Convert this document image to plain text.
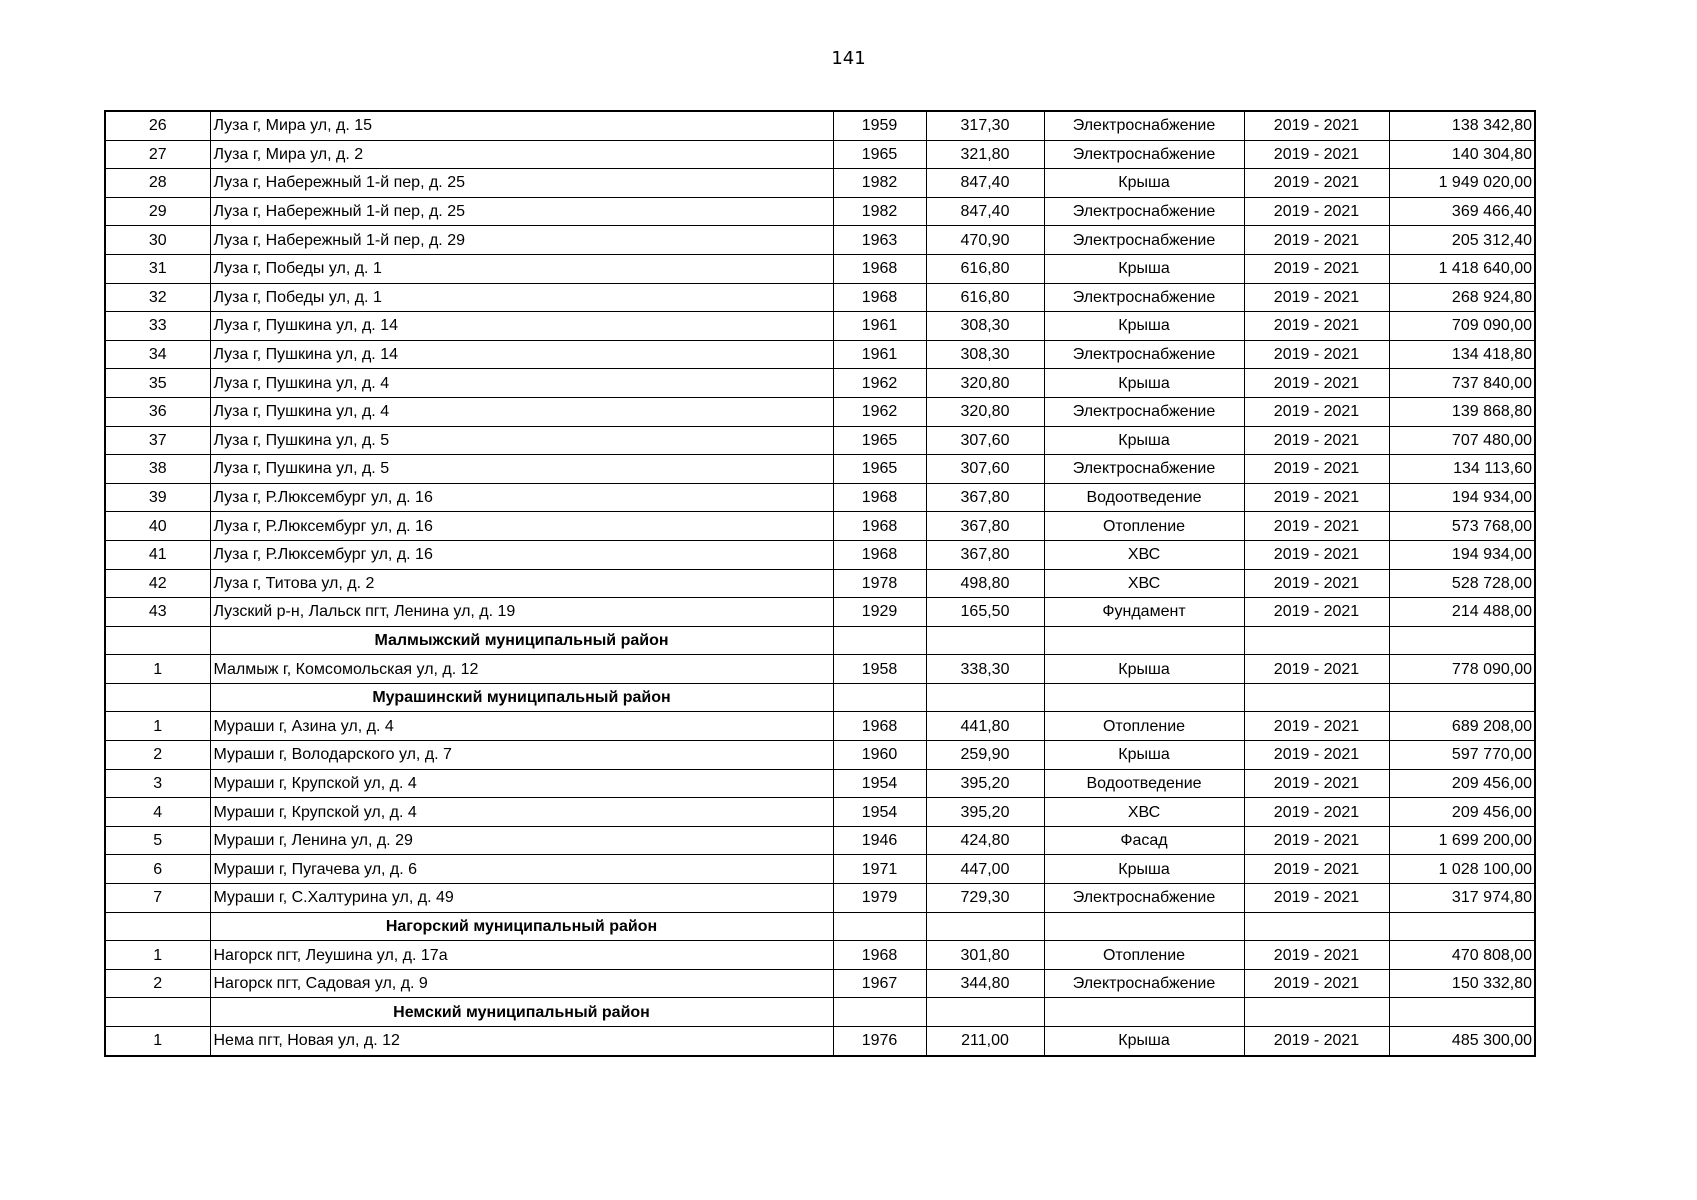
141
26	Луза г, Мира ул, д. 15	1959	317,30	Электроснабжение	2019 - 2021	138 342,80
27	Луза г, Мира ул, д. 2	1965	321,80	Электроснабжение	2019 - 2021	140 304,80
28	Луза г, Набережный 1-й пер, д. 25	1982	847,40	Крыша	2019 - 2021	1 949 020,00
29	Луза г, Набережный 1-й пер, д. 25	1982	847,40	Электроснабжение	2019 - 2021	369 466,40
30	Луза г, Набережный 1-й пер, д. 29	1963	470,90	Электроснабжение	2019 - 2021	205 312,40
31	Луза г, Победы ул, д. 1	1968	616,80	Крыша	2019 - 2021	1 418 640,00
32	Луза г, Победы ул, д. 1	1968	616,80	Электроснабжение	2019 - 2021	268 924,80
33	Луза г, Пушкина ул, д. 14	1961	308,30	Крыша	2019 - 2021	709 090,00
34	Луза г, Пушкина ул, д. 14	1961	308,30	Электроснабжение	2019 - 2021	134 418,80
35	Луза г, Пушкина ул, д. 4	1962	320,80	Крыша	2019 - 2021	737 840,00
36	Луза г, Пушкина ул, д. 4	1962	320,80	Электроснабжение	2019 - 2021	139 868,80
37	Луза г, Пушкина ул, д. 5	1965	307,60	Крыша	2019 - 2021	707 480,00
38	Луза г, Пушкина ул, д. 5	1965	307,60	Электроснабжение	2019 - 2021	134 113,60
39	Луза г, Р.Люксембург ул, д. 16	1968	367,80	Водоотведение	2019 - 2021	194 934,00
40	Луза г, Р.Люксембург ул, д. 16	1968	367,80	Отопление	2019 - 2021	573 768,00
41	Луза г, Р.Люксембург ул, д. 16	1968	367,80	ХВС	2019 - 2021	194 934,00
42	Луза г, Титова ул, д. 2	1978	498,80	ХВС	2019 - 2021	528 728,00
43	Лузский р-н, Лальск пгт, Ленина ул, д. 19	1929	165,50	Фундамент	2019 - 2021	214 488,00
	Малмыжский муниципальный район					
1	Малмыж г, Комсомольская ул, д. 12	1958	338,30	Крыша	2019 - 2021	778 090,00
	Мурашинский муниципальный район					
1	Мураши г, Азина ул, д. 4	1968	441,80	Отопление	2019 - 2021	689 208,00
2	Мураши г, Володарского ул, д. 7	1960	259,90	Крыша	2019 - 2021	597 770,00
3	Мураши г, Крупской ул, д. 4	1954	395,20	Водоотведение	2019 - 2021	209 456,00
4	Мураши г, Крупской ул, д. 4	1954	395,20	ХВС	2019 - 2021	209 456,00
5	Мураши г, Ленина ул, д. 29	1946	424,80	Фасад	2019 - 2021	1 699 200,00
6	Мураши г, Пугачева ул, д. 6	1971	447,00	Крыша	2019 - 2021	1 028 100,00
7	Мураши г, С.Халтурина ул, д. 49	1979	729,30	Электроснабжение	2019 - 2021	317 974,80
	Нагорский муниципальный район					
1	Нагорск пгт, Леушина ул, д. 17а	1968	301,80	Отопление	2019 - 2021	470 808,00
2	Нагорск пгт, Садовая ул, д. 9	1967	344,80	Электроснабжение	2019 - 2021	150 332,80
	Немский муниципальный район					
1	Нема пгт, Новая ул, д. 12	1976	211,00	Крыша	2019 - 2021	485 300,00
